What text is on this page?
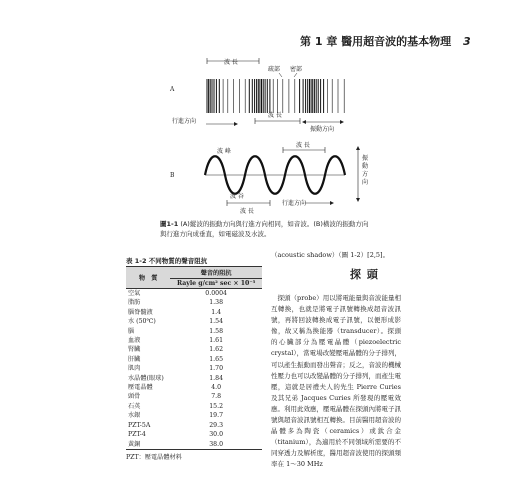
第 1 章 醫用超音波的基本物理 3
A
波 長
疏部 密部
波 長
行進方向
振動方向
B
波 峰
波 長
波 谷
波 長
行進方向
振動方向
圖1-1 (A)縱波的振動方向與行進方向相同，如音波。(B)橫波的振動方向與行進方向成垂直，如電磁波及水波。
表 1-2 不同物質的聲音阻抗
物　質	聲音的阻抗
	Rayle g/cm² sec × 10⁻⁵
空氣	0.0004
脂肪	1.38
腦脊髓液	1.4
水 (50℃)	1.54
腦	1.58
血液	1.61
腎臟	1.62
肝臟	1.65
肌肉	1.70
水晶體(眼球)	1.84
壓電晶體	4.0
頭骨	7.8
石英	15.2
水銀	19.7
PZT-5A	29.3
PZT-4	30.0
黃銅	38.0
PZT：壓電晶體材料
（acoustic shadow）（圖 1-2）[2,5]。
探 頭

探頭（probe）用以將電能量與音波能量相互轉換，也就是將電子訊號轉換成超音波訊號，再將回波轉換成電子訊號，以便形成影像，故又稱為換能器（transducer）。探頭的心臟部分為壓電晶體（piezoelectric crystal），當電場改變壓電晶體的分子排列，可以產生振動而發出聲音；反之，音波的機械性壓力也可以改變晶體的分子排列，而產生電壓，這就是居禮夫人的先生 Pierre Curies 及其兄弟 Jacques Curies 所發現的壓電效應。利用此效應，壓電晶體在探頭內將電子訊號與超音波訊號相互轉換。目前醫用超音波的晶體多為陶瓷（ceramics）或鈦合金（titanium），為適用於不同領域所需要的不同穿透力及解析度，醫用超音波使用的探頭頻率在 1～30 MHz
